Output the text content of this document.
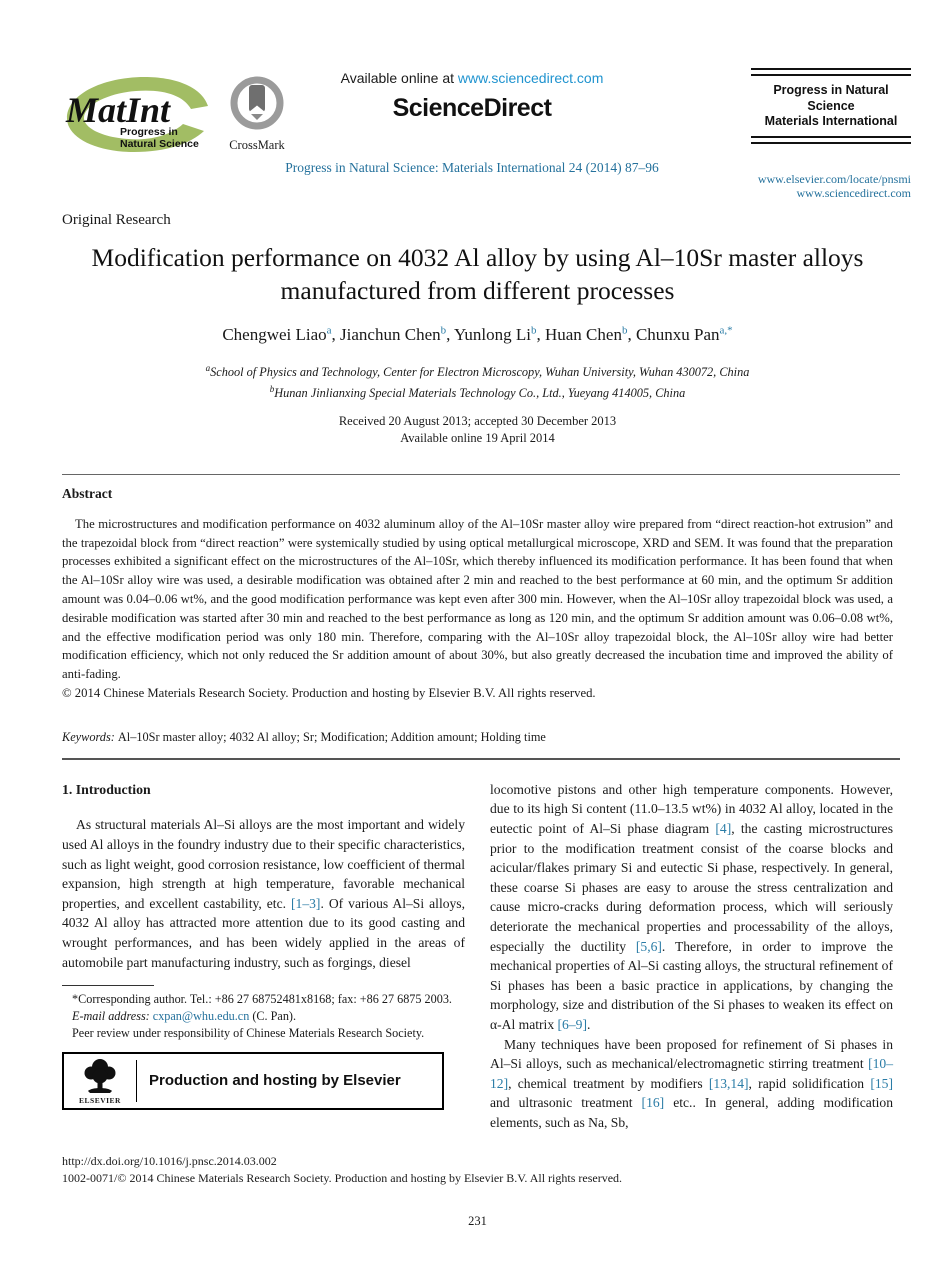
MatInt
Progress in
Natural Science	CrossMark
Available online at www.sciencedirect.com
ScienceDirect
Progress in Natural Science: Materials International 24 (2014) 87–96
Progress in Natural
Science
Materials International
www.elsevier.com/locate/pnsmi
www.sciencedirect.com
Original Research
Modification performance on 4032 Al alloy by using Al–10Sr master alloys manufactured from different processes
Chengwei Liao$^a$, Jianchun Chen$^b$, Yunlong Li$^b$, Huan Chen$^b$, Chunxu Pan$^{a,*}$
$^a$School of Physics and Technology, Center for Electron Microscopy, Wuhan University, Wuhan 430072, China
$^b$Hunan Jinlianxing Special Materials Technology Co., Ltd., Yueyang 414005, China
Received 20 August 2013; accepted 30 December 2013
Available online 19 April 2014
Abstract
The microstructures and modification performance on 4032 aluminum alloy of the Al–10Sr master alloy wire prepared from “direct reaction-hot extrusion” and the trapezoidal block from “direct reaction” were systemically studied by using optical metallurgical microscope, XRD and SEM. It was found that the preparation processes exhibited a significant effect on the microstructures of the Al–10Sr, which thereby influenced its modification performance. It has been found that when the Al–10Sr alloy wire was used, a desirable modification was obtained after 2 min and reached to the best performance at 60 min, and the optimum Sr addition amount was 0.04–0.06 wt%, and the good modification performance was kept even after 300 min. However, when the Al–10Sr alloy trapezoidal block was used, a desirable modification was started after 30 min and reached to the best performance as long as 120 min, and the optimum Sr addition amount was 0.06–0.08 wt%, and the effective modification period was only 180 min. Therefore, comparing with the Al–10Sr alloy trapezoidal block, the Al–10Sr alloy wire had better modification efficiency, which not only reduced the Sr addition amount of about 30%, but also greatly decreased the incubation time and improved the ability of anti-fading.
© 2014 Chinese Materials Research Society. Production and hosting by Elsevier B.V. All rights reserved.
Keywords: Al–10Sr master alloy; 4032 Al alloy; Sr; Modification; Addition amount; Holding time
1. Introduction

As structural materials Al–Si alloys are the most important and widely used Al alloys in the foundry industry due to their specific characteristics, such as light weight, good corrosion resistance, low coefficient of thermal expansion, high strength at high temperature, favorable mechanical properties, and excellent castability, etc. [1–3]. Of various Al–Si alloys, 4032 Al alloy has attracted more attention due to its good casting and wrought performances, and has been widely applied in the areas of automobile part manufacturing industry, such as forgings, diesel

*Corresponding author. Tel.: +86 27 68752481x8168; fax: +86 27 6875 2003.
E-mail address: cxpan@whu.edu.cn (C. Pan).
Peer review under responsibility of Chinese Materials Research Society.
ELSEVIER
Production and hosting by Elsevier

locomotive pistons and other high temperature components. However, due to its high Si content (11.0–13.5 wt%) in 4032 Al alloy, located in the eutectic point of Al–Si phase diagram [4], the casting microstructures prior to the modification treatment consist of the coarse blocks and acicular/flakes primary Si and eutectic Si phase, respectively. In general, these coarse Si phases are easy to arouse the stress centralization and cause micro-cracks during deformation process, which will seriously deteriorate the mechanical properties and processability of the alloys, especially the ductility [5,6]. Therefore, in order to improve the mechanical properties of Al–Si casting alloys, the structural refinement of Si phases has been a basic practice in applications, by changing the morphology, size and distribution of the Si phases to weaken its effect on α-Al matrix [6–9].

Many techniques have been proposed for refinement of Si phases in Al–Si alloys, such as mechanical/electromagnetic stirring treatment [10–12], chemical treatment by modifiers [13,14], rapid solidification [15] and ultrasonic treatment [16] etc.. In general, adding modification elements, such as Na, Sb,

http://dx.doi.org/10.1016/j.pnsc.2014.03.002
1002-0071/© 2014 Chinese Materials Research Society. Production and hosting by Elsevier B.V. All rights reserved.
231
